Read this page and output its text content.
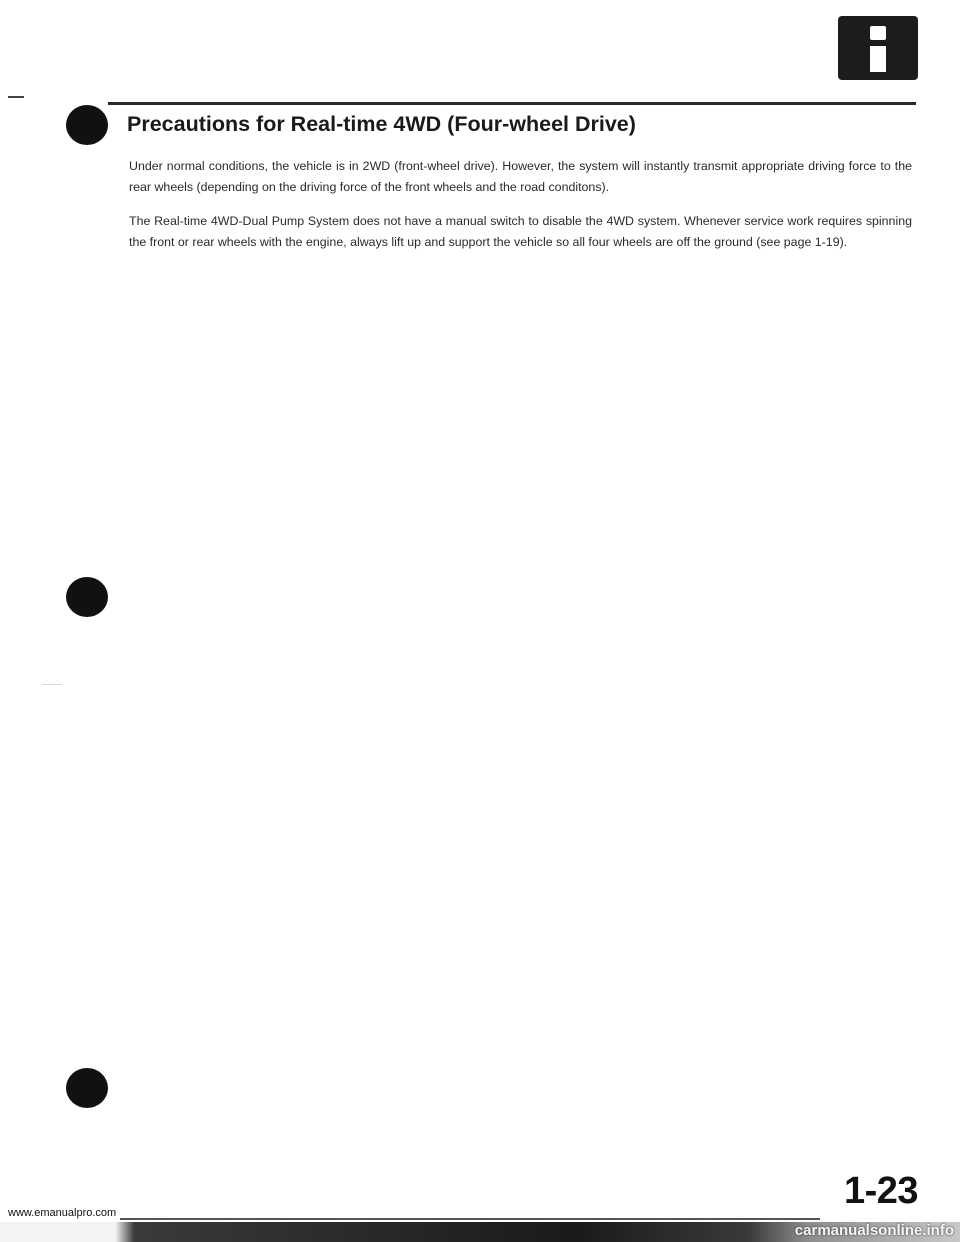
Precautions for Real-time 4WD (Four-wheel Drive)

Under normal conditions, the vehicle is in 2WD (front-wheel drive). However, the system will instantly transmit appropriate driving force to the rear wheels (depending on the driving force of the front wheels and the road conditons).

The Real-time 4WD-Dual Pump System does not have a manual switch to disable the 4WD system. Whenever service work requires spinning the front or rear wheels with the engine, always lift up and support the vehicle so all four wheels are off the ground (see page 1-19).

1-23
www.emanualpro.com
carmanualsonline.info
